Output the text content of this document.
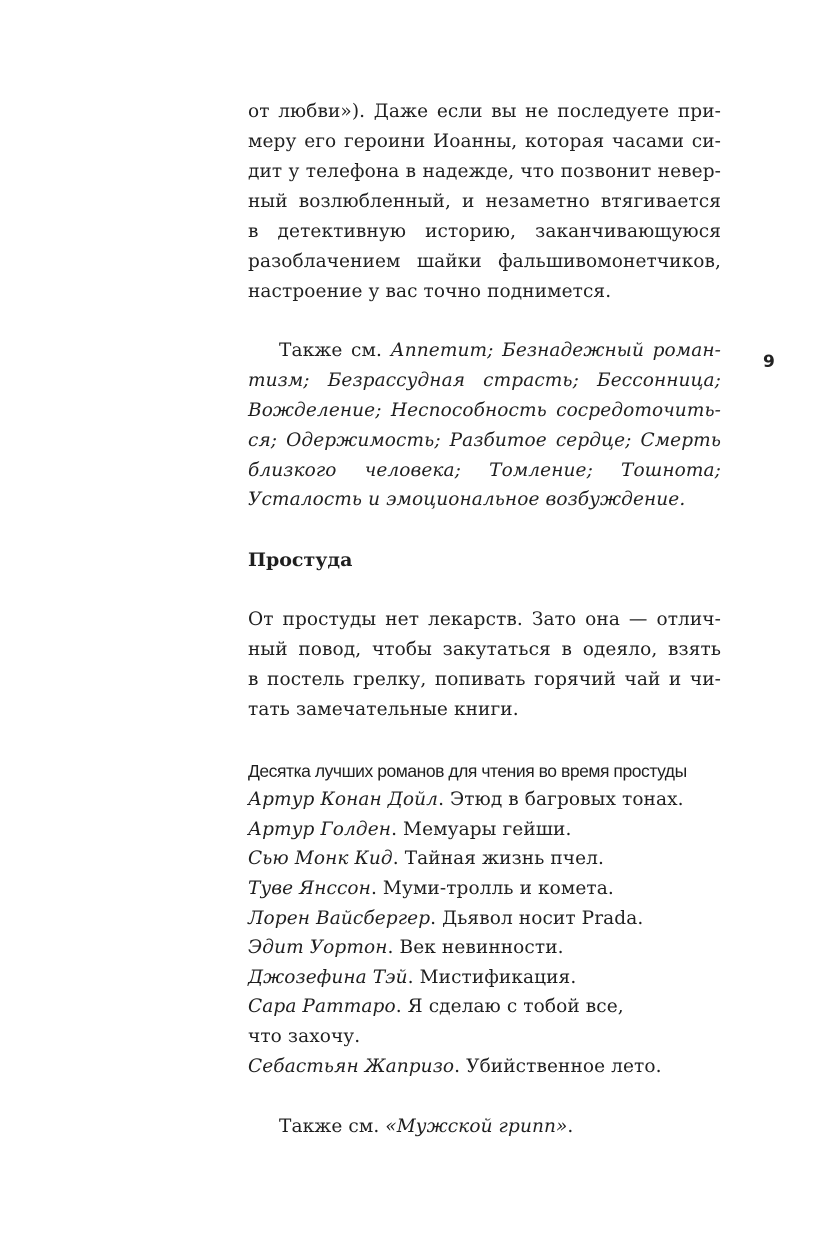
9
от любви»). Даже если вы не последуете при-
меру его героини Иоанны, которая часами си-
дит у телефона в надежде, что позвонит невер-
ный возлюбленный, и незаметно втягивается
в детективную историю, заканчивающуюся
разоблачением шайки фальшивомонетчиков,
настроение у вас точно поднимется.
Также см. Аппетит; Безнадежный роман-
тизм; Безрассудная страсть; Бессонница;
Вожделение; Неспособность сосредоточить-
ся; Одержимость; Разбитое сердце; Смерть
близкого человека; Томление; Тошнота;
Усталость и эмоциональное возбуждение.
Простуда
От простуды нет лекарств. Зато она — отлич-
ный повод, чтобы закутаться в одеяло, взять
в постель грелку, попивать горячий чай и чи-
тать замечательные книги.
Десятка лучших романов для чтения во время простуды
Артур Конан Дойл. Этюд в багровых тонах.
Артур Голден. Мемуары гейши.
Сью Монк Кид. Тайная жизнь пчел.
Туве Янссон. Муми-тролль и комета.
Лорен Вайсбергер. Дьявол носит Prada.
Эдит Уортон. Век невинности.
Джозефина Тэй. Мистификация.
Сара Раттаро. Я сделаю с тобой все,
что захочу.
Себастьян Жапризо. Убийственное лето.
Также см. «Мужской грипп».
